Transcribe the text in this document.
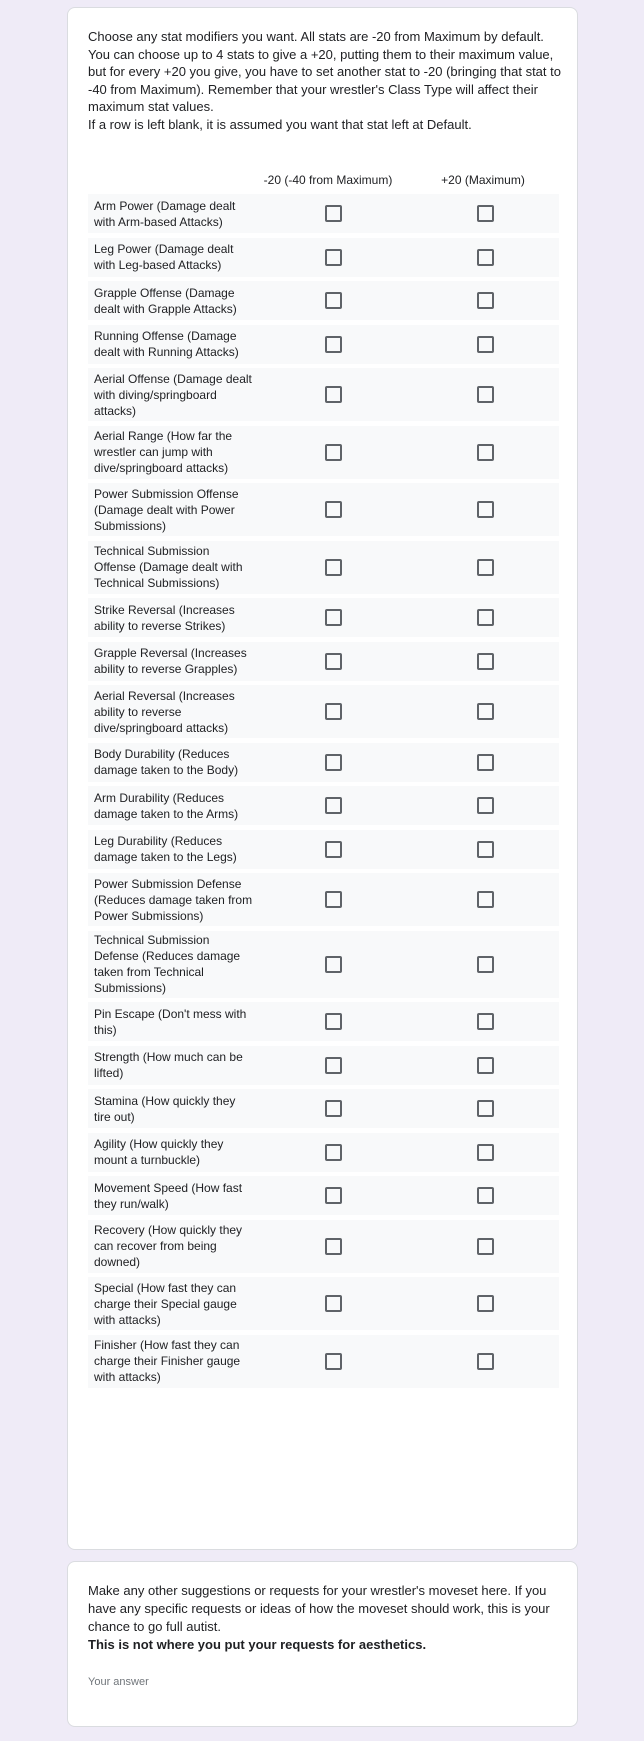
Choose any stat modifiers you want. All stats are -20 from Maximum by default. You can choose up to 4 stats to give a +20, putting them to their maximum value, but for every +20 you give, you have to set another stat to -20 (bringing that stat to -40 from Maximum). Remember that your wrestler's Class Type will affect their maximum stat values.

If a row is left blank, it is assumed you want that stat left at Default.

-20 (-40 from Maximum)	+20 (Maximum)
Arm Power (Damage dealt with Arm-based Attacks)
Leg Power (Damage dealt with Leg-based Attacks)
Grapple Offense (Damage dealt with Grapple Attacks)
Running Offense (Damage dealt with Running Attacks)
Aerial Offense (Damage dealt with diving/springboard attacks)
Aerial Range (How far the wrestler can jump with dive/springboard attacks)
Power Submission Offense (Damage dealt with Power Submissions)
Technical Submission Offense (Damage dealt with Technical Submissions)
Strike Reversal (Increases ability to reverse Strikes)
Grapple Reversal (Increases ability to reverse Grapples)
Aerial Reversal (Increases ability to reverse dive/springboard attacks)
Body Durability (Reduces damage taken to the Body)
Arm Durability (Reduces damage taken to the Arms)
Leg Durability (Reduces damage taken to the Legs)
Power Submission Defense (Reduces damage taken from Power Submissions)
Technical Submission Defense (Reduces damage taken from Technical Submissions)
Pin Escape (Don't mess with this)
Strength (How much can be lifted)
Stamina (How quickly they tire out)
Agility (How quickly they mount a turnbuckle)
Movement Speed (How fast they run/walk)
Recovery (How quickly they can recover from being downed)
Special (How fast they can charge their Special gauge with attacks)
Finisher (How fast they can charge their Finisher gauge with attacks)

Make any other suggestions or requests for your wrestler's moveset here. If you have any specific requests or ideas of how the moveset should work, this is your chance to go full autist.

This is not where you put your requests for aesthetics.

Your answer
